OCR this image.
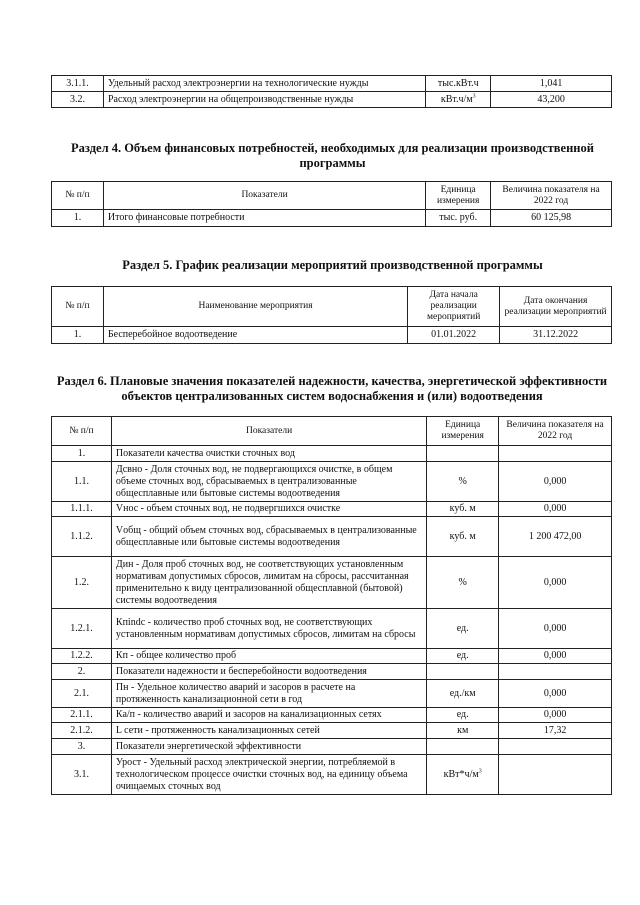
3.1.1.	Удельный расход электроэнергии на технологические нужды	тыс.кВт.ч	1,041
3.2.	Расход электроэнергии на общепроизводственные нужды	$кВт.ч/м^3$	43,200
Раздел 4. Объем финансовых потребностей, необходимых для реализации производственной программы
№ п/п	Показатели	Единица измерения	Величина показателя на 2022 год
1.	Итого финансовые потребности	тыс. руб.	60 125,98
Раздел 5. График реализации мероприятий производственной программы
№ п/п	Наименование мероприятия	Дата начала реализации мероприятий	Дата окончания реализации мероприятий
1.	Бесперебойное водоотведение	01.01.2022	31.12.2022
Раздел 6. Плановые значения показателей надежности, качества, энергетической эффективности объектов централизованных систем водоснабжения и (или) водоотведения
№ п/п	Показатели	Единица измерения	Величина показателя на 2022 год
1.	Показатели качества очистки сточных вод		
1.1.	Дсвно - Доля сточных вод, не подвергающихся очистке, в общем объеме сточных вод, сбрасываемых в централизованные общесплавные или бытовые системы водоотведения	%	0,000
1.1.1.	Vнос - объем сточных вод, не подвергшихся очистке	куб. м	0,000
1.1.2.	Vобщ - общий объем сточных вод, сбрасываемых в централизованные общесплавные или бытовые системы водоотведения	куб. м	1 200 472,00
1.2.	Дин - Доля проб сточных вод, не соответствующих установленным нормативам допустимых сбросов, лимитам на сбросы, рассчитанная применительно к виду централизованной общесплавной (бытовой) системы водоотведения	%	0,000
1.2.1.	Кпindc - количество проб сточных вод, не соответствующих установленным нормативам допустимых сбросов, лимитам на сбросы	ед.	0,000
1.2.2.	Кп - общее количество проб	ед.	0,000
2.	Показатели надежности и бесперебойности водоотведения		
2.1.	Пн - Удельное количество аварий и засоров в расчете на протяженность канализационной сети в год	ед./км	0,000
2.1.1.	Ка/п - количество аварий и засоров на канализационных сетях	ед.	0,000
2.1.2.	L сети - протяженность канализационных сетей	км	17,32
3.	Показатели энергетической эффективности		
3.1.	Урост - Удельный расход электрической энергии, потребляемой в технологическом процессе очистки сточных вод, на единицу объема очищаемых сточных вод	$кВт*ч/м^3$	
